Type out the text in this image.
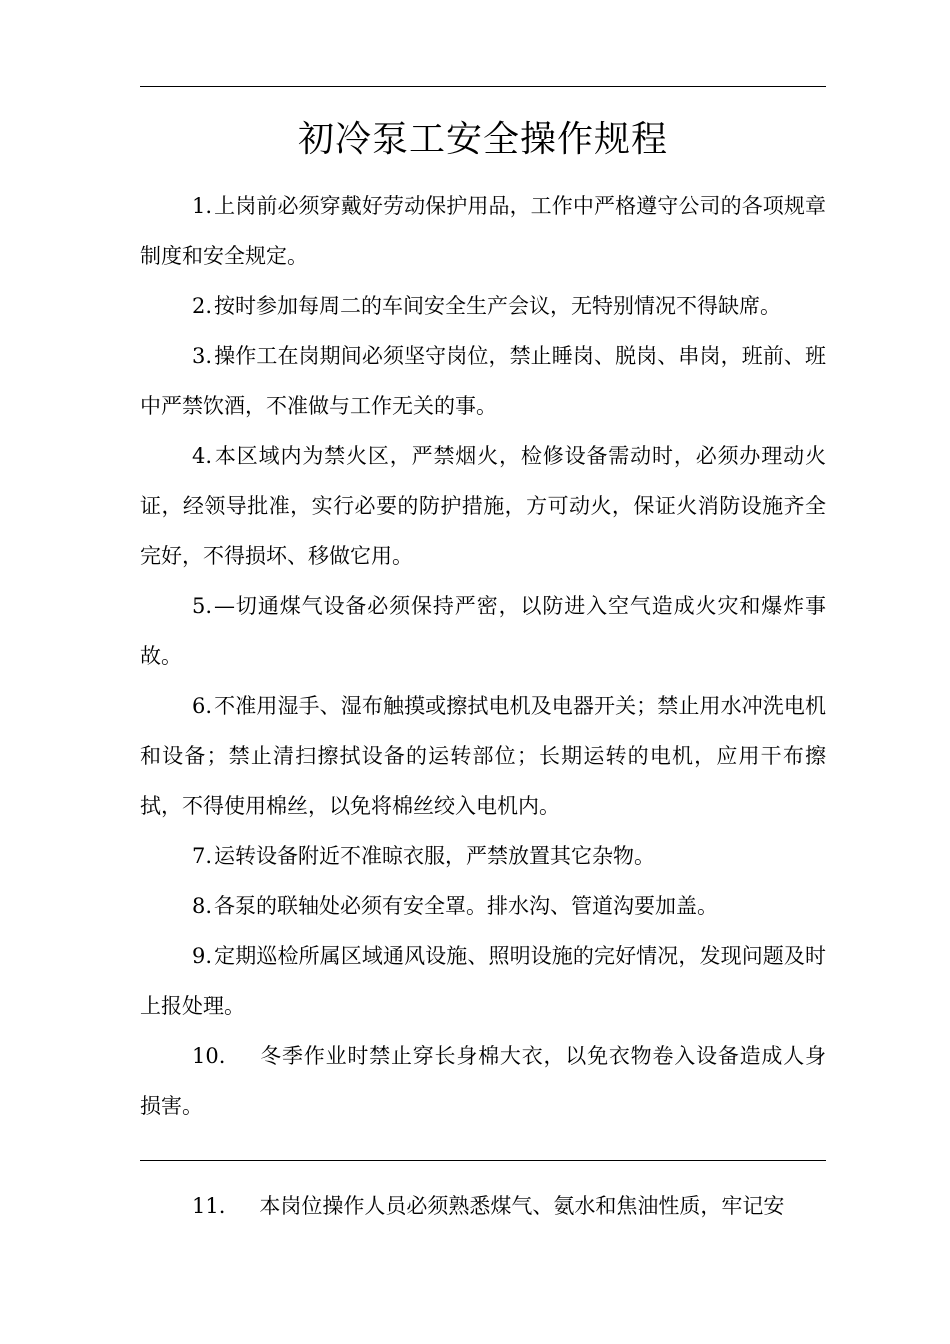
初冷泵工安全操作规程

1.上岗前必须穿戴好劳动保护用品，工作中严格遵守公司的各项规章制度和安全规定。

2.按时参加每周二的车间安全生产会议，无特别情况不得缺席。

3.操作工在岗期间必须坚守岗位，禁止睡岗、脱岗、串岗，班前、班中严禁饮酒，不准做与工作无关的事。

4.本区域内为禁火区，严禁烟火，检修设备需动时，必须办理动火证，经领导批准，实行必要的防护措施，方可动火，保证火消防设施齐全完好，不得损坏、移做它用。

5.—切通煤气设备必须保持严密，以防进入空气造成火灾和爆炸事故。

6.不准用湿手、湿布触摸或擦拭电机及电器开关；禁止用水冲洗电机和设备；禁止清扫擦拭设备的运转部位；长期运转的电机，应用干布擦拭，不得使用棉丝，以免将棉丝绞入电机内。

7.运转设备附近不准晾衣服，严禁放置其它杂物。

8.各泵的联轴处必须有安全罩。排水沟、管道沟要加盖。

9.定期巡检所属区域通风设施、照明设施的完好情况，发现问题及时上报处理。

10. 冬季作业时禁止穿长身棉大衣，以免衣物卷入设备造成人身损害。

11. 本岗位操作人员必须熟悉煤气、氨水和焦油性质，牢记安
